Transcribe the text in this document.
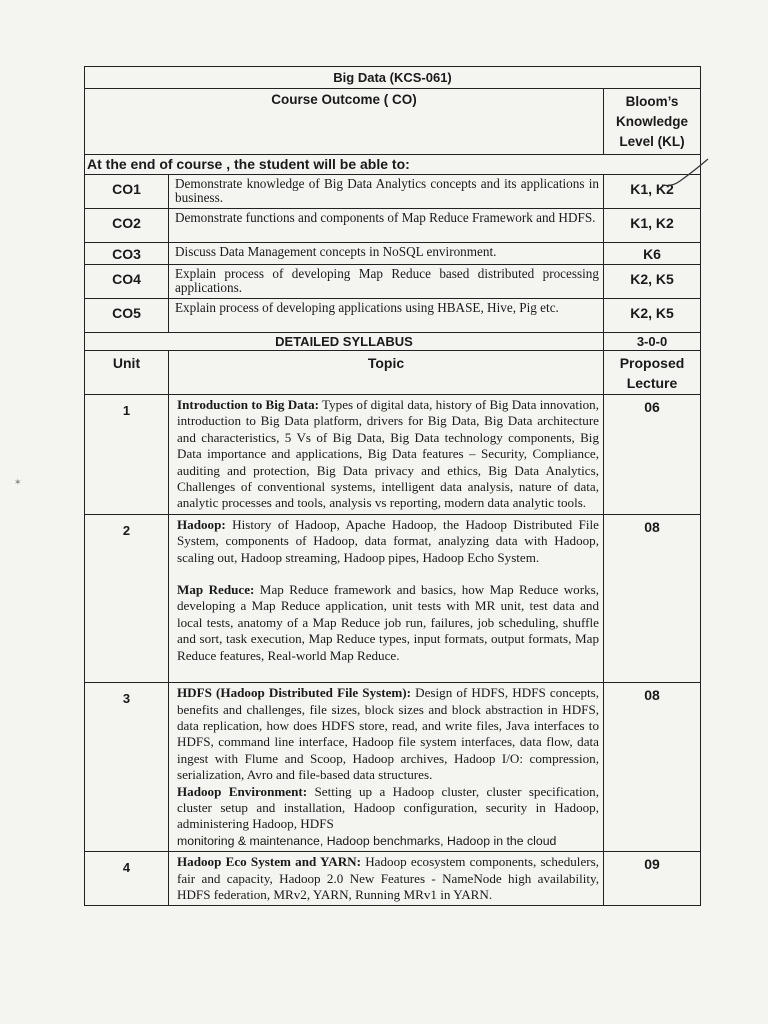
Big Data (KCS-061)		
Course Outcome ( CO)		Bloom’s
Knowledge
Level (KL)

At the end of course , the student will be able to:		
CO1	Demonstrate knowledge of Big Data Analytics concepts and its applications in business.	K1, K2
CO2	Demonstrate functions and components of Map Reduce Framework and HDFS.	K1, K2
CO3	Discuss Data Management concepts in NoSQL environment.	K6
CO4	Explain process of developing Map Reduce based distributed processing applications.	K2, K5
CO5	Explain process of developing applications using HBASE, Hive, Pig etc.	K2, K5
DETAILED SYLLABUS		3-0-0
Unit	Topic	Proposed
Lecture

1	Introduction to Big Data: Types of digital data, history of Big Data innovation, introduction to Big Data platform, drivers for Big Data, Big Data architecture and characteristics, 5 Vs of Big Data, Big Data technology components, Big Data importance and applications, Big Data features – Security, Compliance, auditing and protection, Big Data privacy and ethics, Big Data Analytics, Challenges of conventional systems, intelligent data analysis, nature of data, analytic processes and tools, analysis vs reporting, modern data analytic tools.	06
2	Hadoop: History of Hadoop, Apache Hadoop, the Hadoop Distributed File System, components of Hadoop, data format, analyzing data with Hadoop, scaling out, Hadoop streaming, Hadoop pipes, Hadoop Echo System.

Map Reduce: Map Reduce framework and basics, how Map Reduce works, developing a Map Reduce application, unit tests with MR unit, test data and local tests, anatomy of a Map Reduce job run, failures, job scheduling, shuffle and sort, task execution, Map Reduce types, input formats, output formats, Map Reduce features, Real-world Map Reduce.	08
3	HDFS (Hadoop Distributed File System): Design of HDFS, HDFS concepts, benefits and challenges, file sizes, block sizes and block abstraction in HDFS, data replication, how does HDFS store, read, and write files, Java interfaces to HDFS, command line interface, Hadoop file system interfaces, data flow, data ingest with Flume and Scoop, Hadoop archives, Hadoop I/O: compression, serialization, Avro and file-based data structures.

Hadoop Environment: Setting up a Hadoop cluster, cluster specification, cluster setup and installation, Hadoop configuration, security in Hadoop, administering Hadoop, HDFS

monitoring & maintenance, Hadoop benchmarks, Hadoop in the cloud	08
4	Hadoop Eco System and YARN: Hadoop ecosystem components, schedulers, fair and capacity, Hadoop 2.0 New Features - NameNode high availability, HDFS federation, MRv2, YARN, Running MRv1 in YARN.	09
✶
